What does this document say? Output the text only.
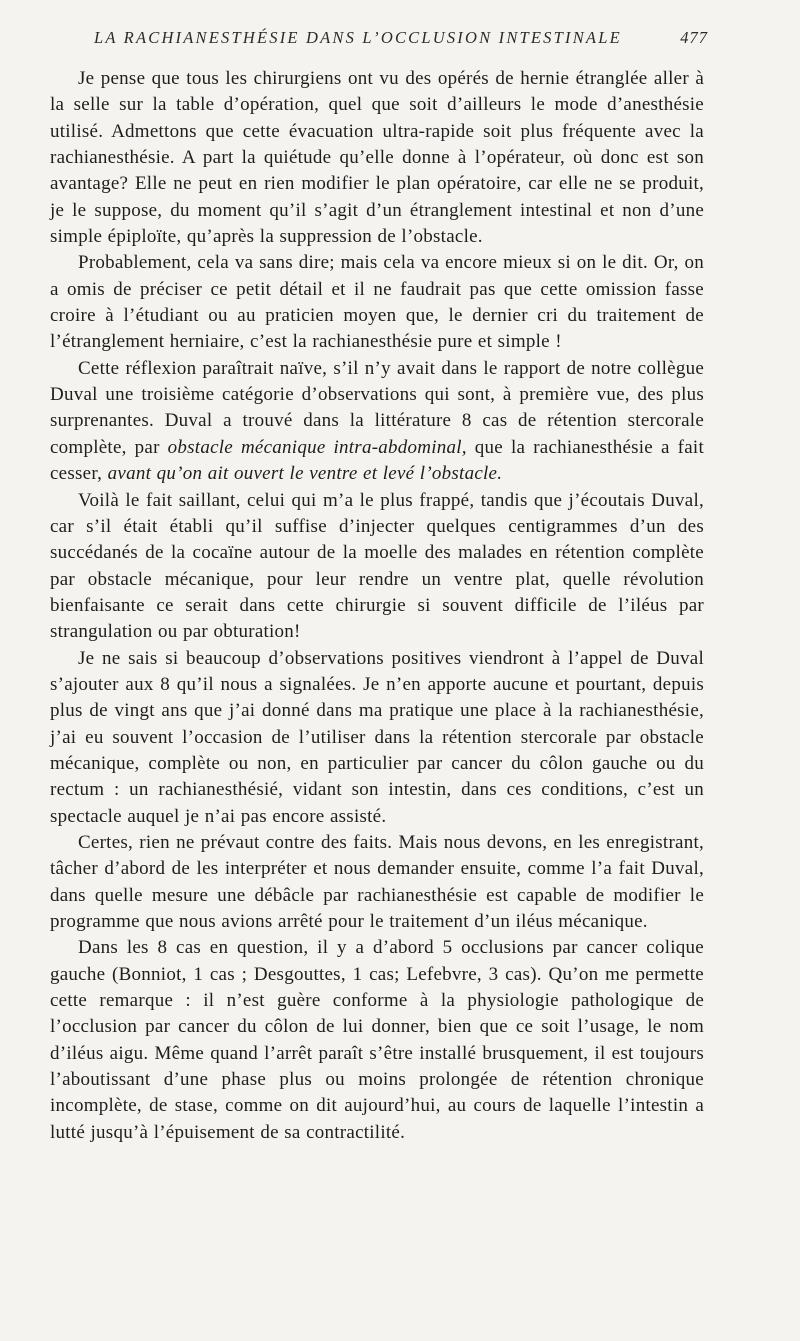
LA RACHIANESTHÉSIE DANS L’OCCLUSION INTESTINALE	477

Je pense que tous les chirurgiens ont vu des opérés de hernie étranglée aller à la selle sur la table d’opération, quel que soit d’ailleurs le mode d’anesthésie utilisé. Admettons que cette évacuation ultra-rapide soit plus fréquente avec la rachianesthésie. A part la quiétude qu’elle donne à l’opérateur, où donc est son avantage? Elle ne peut en rien modifier le plan opératoire, car elle ne se produit, je le suppose, du moment qu’il s’agit d’un étranglement intestinal et non d’une simple épiploïte, qu’après la suppression de l’obstacle.

Probablement, cela va sans dire; mais cela va encore mieux si on le dit. Or, on a omis de préciser ce petit détail et il ne faudrait pas que cette omission fasse croire à l’étudiant ou au praticien moyen que, le dernier cri du traitement de l’étranglement herniaire, c’est la rachianesthésie pure et simple !

Cette réflexion paraîtrait naïve, s’il n’y avait dans le rapport de notre collègue Duval une troisième catégorie d’observations qui sont, à première vue, des plus surprenantes. Duval a trouvé dans la littérature 8 cas de rétention stercorale complète, par obstacle mécanique intra-abdominal, que la rachianesthésie a fait cesser, avant qu’on ait ouvert le ventre et levé l’obstacle.

Voilà le fait saillant, celui qui m’a le plus frappé, tandis que j’écoutais Duval, car s’il était établi qu’il suffise d’injecter quelques centigrammes d’un des succédanés de la cocaïne autour de la moelle des malades en rétention complète par obstacle mécanique, pour leur rendre un ventre plat, quelle révolution bienfaisante ce serait dans cette chirurgie si souvent difficile de l’iléus par strangulation ou par obturation!

Je ne sais si beaucoup d’observations positives viendront à l’appel de Duval s’ajouter aux 8 qu’il nous a signalées. Je n’en apporte aucune et pourtant, depuis plus de vingt ans que j’ai donné dans ma pratique une place à la rachianesthésie, j’ai eu souvent l’occasion de l’utiliser dans la rétention stercorale par obstacle mécanique, complète ou non, en particulier par cancer du côlon gauche ou du rectum : un rachianesthésié, vidant son intestin, dans ces conditions, c’est un spectacle auquel je n’ai pas encore assisté.

Certes, rien ne prévaut contre des faits. Mais nous devons, en les enregistrant, tâcher d’abord de les interpréter et nous demander ensuite, comme l’a fait Duval, dans quelle mesure une débâcle par rachianesthésie est capable de modifier le programme que nous avions arrêté pour le traitement d’un iléus mécanique.

Dans les 8 cas en question, il y a d’abord 5 occlusions par cancer colique gauche (Bonniot, 1 cas ; Desgouttes, 1 cas; Lefebvre, 3 cas). Qu’on me permette cette remarque : il n’est guère conforme à la physiologie pathologique de l’occlusion par cancer du côlon de lui donner, bien que ce soit l’usage, le nom d’iléus aigu. Même quand l’arrêt paraît s’être installé brusquement, il est toujours l’aboutissant d’une phase plus ou moins prolongée de rétention chronique incomplète, de stase, comme on dit aujourd’hui, au cours de laquelle l’intestin a lutté jusqu’à l’épuisement de sa contractilité.
